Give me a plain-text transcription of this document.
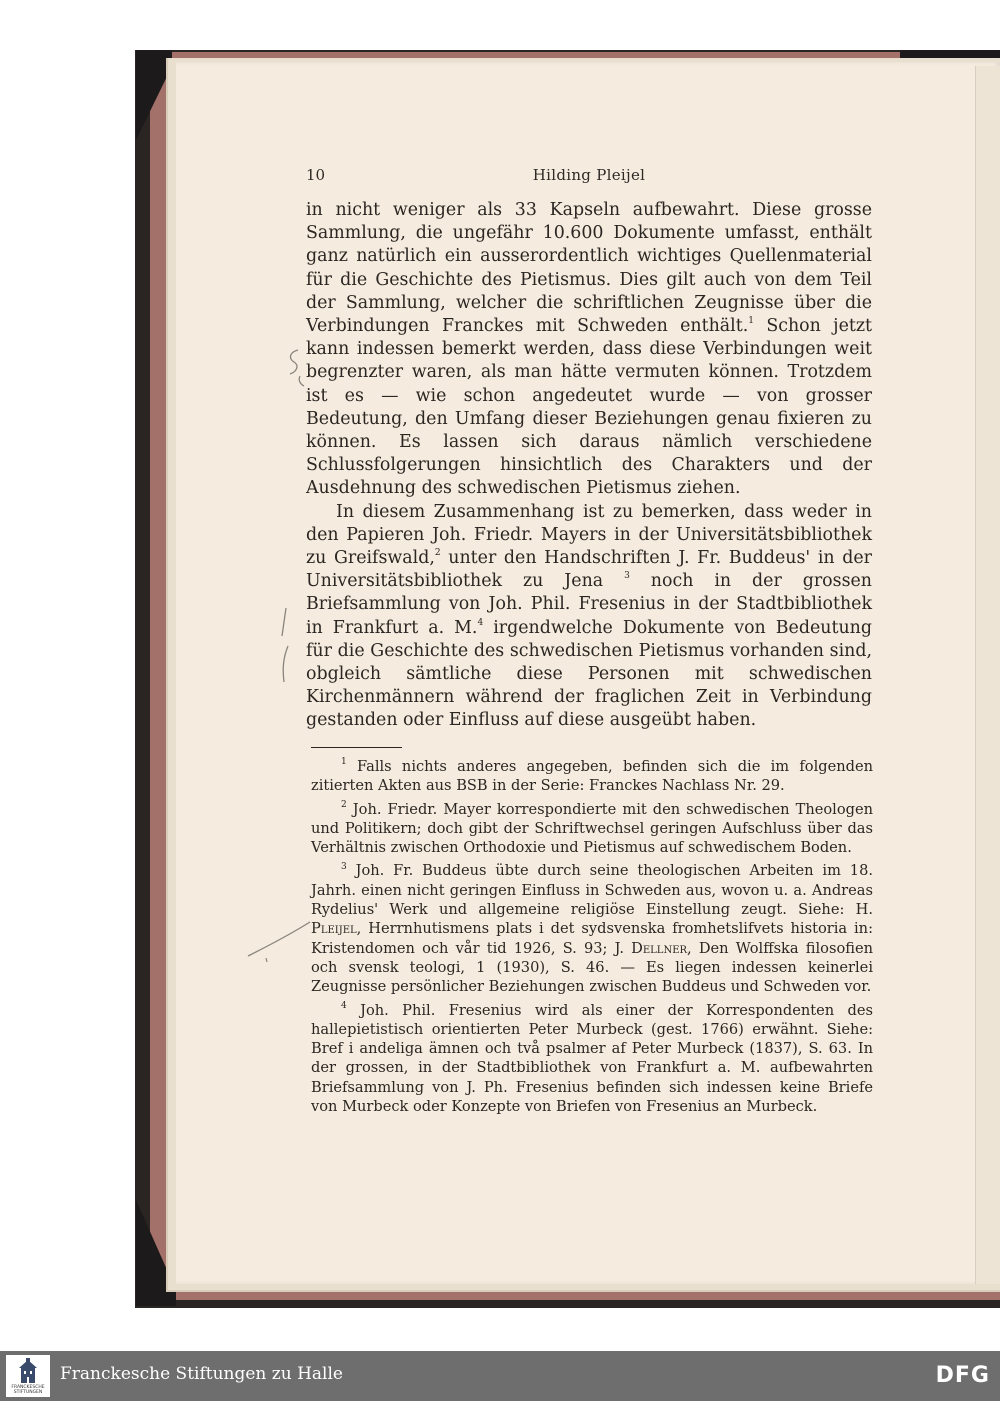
10	Hilding Pleijel

in nicht weniger als 33 Kapseln aufbewahrt. Diese grosse Sammlung, die ungefähr 10.600 Dokumente umfasst, enthält ganz natürlich ein ausserordentlich wichtiges Quellenmaterial für die Geschichte des Pietismus. Dies gilt auch von dem Teil der Sammlung, welcher die schriftlichen Zeugnisse über die Verbindungen Franckes mit Schweden enthält.$^1$ Schon jetzt kann indessen bemerkt werden, dass diese Verbindungen weit begrenzter waren, als man hätte vermuten können. Trotzdem ist es — wie schon angedeutet wurde — von grosser Bedeutung, den Umfang dieser Beziehungen genau fixieren zu können. Es lassen sich daraus nämlich verschiedene Schlussfolgerungen hinsichtlich des Charakters und der Ausdehnung des schwedischen Pietismus ziehen.

In diesem Zusammenhang ist zu bemerken, dass weder in den Papieren Joh. Friedr. Mayers in der Universitätsbibliothek zu Greifswald,$^2$ unter den Handschriften J. Fr. Buddeus' in der Universitätsbibliothek zu Jena $^3$ noch in der grossen Briefsammlung von Joh. Phil. Fresenius in der Stadtbibliothek in Frankfurt a. M.$^4$ irgendwelche Dokumente von Bedeutung für die Geschichte des schwedischen Pietismus vorhanden sind, obgleich sämtliche diese Personen mit schwedischen Kirchenmännern während der fraglichen Zeit in Verbindung gestanden oder Einfluss auf diese ausgeübt haben.

$^1$ Falls nichts anderes angegeben, befinden sich die im folgenden zitierten Akten aus BSB in der Serie: Franckes Nachlass Nr. 29.

$^2$ Joh. Friedr. Mayer korrespondierte mit den schwedischen Theologen und Politikern; doch gibt der Schriftwechsel geringen Aufschluss über das Verhältnis zwischen Orthodoxie und Pietismus auf schwedischem Boden.

$^3$ Joh. Fr. Buddeus übte durch seine theologischen Arbeiten im 18. Jahrh. einen nicht geringen Einfluss in Schweden aus, wovon u. a. Andreas Rydelius' Werk und allgemeine religiöse Einstellung zeugt. Siehe: H. Pleijel, Herrnhutismens plats i det sydsvenska fromhetslifvets historia in: Kristendomen och vår tid 1926, S. 93; J. Dellner, Den Wolffska filosofien och svensk teologi, 1 (1930), S. 46. — Es liegen indessen keinerlei Zeugnisse persönlicher Beziehungen zwischen Buddeus und Schweden vor.

$^4$ Joh. Phil. Fresenius wird als einer der Korrespondenten des hallepietistisch orientierten Peter Murbeck (gest. 1766) erwähnt. Siehe: Bref i andeliga ämnen och två psalmer af Peter Murbeck (1837), S. 63. In der grossen, in der Stadtbibliothek von Frankfurt a. M. aufbewahrten Briefsammlung von J. Ph. Fresenius befinden sich indessen keine Briefe von Murbeck oder Konzepte von Briefen von Fresenius an Murbeck.

FRANCKESCHE STIFTUNGEN
Franckesche Stiftungen zu Halle	DFG
